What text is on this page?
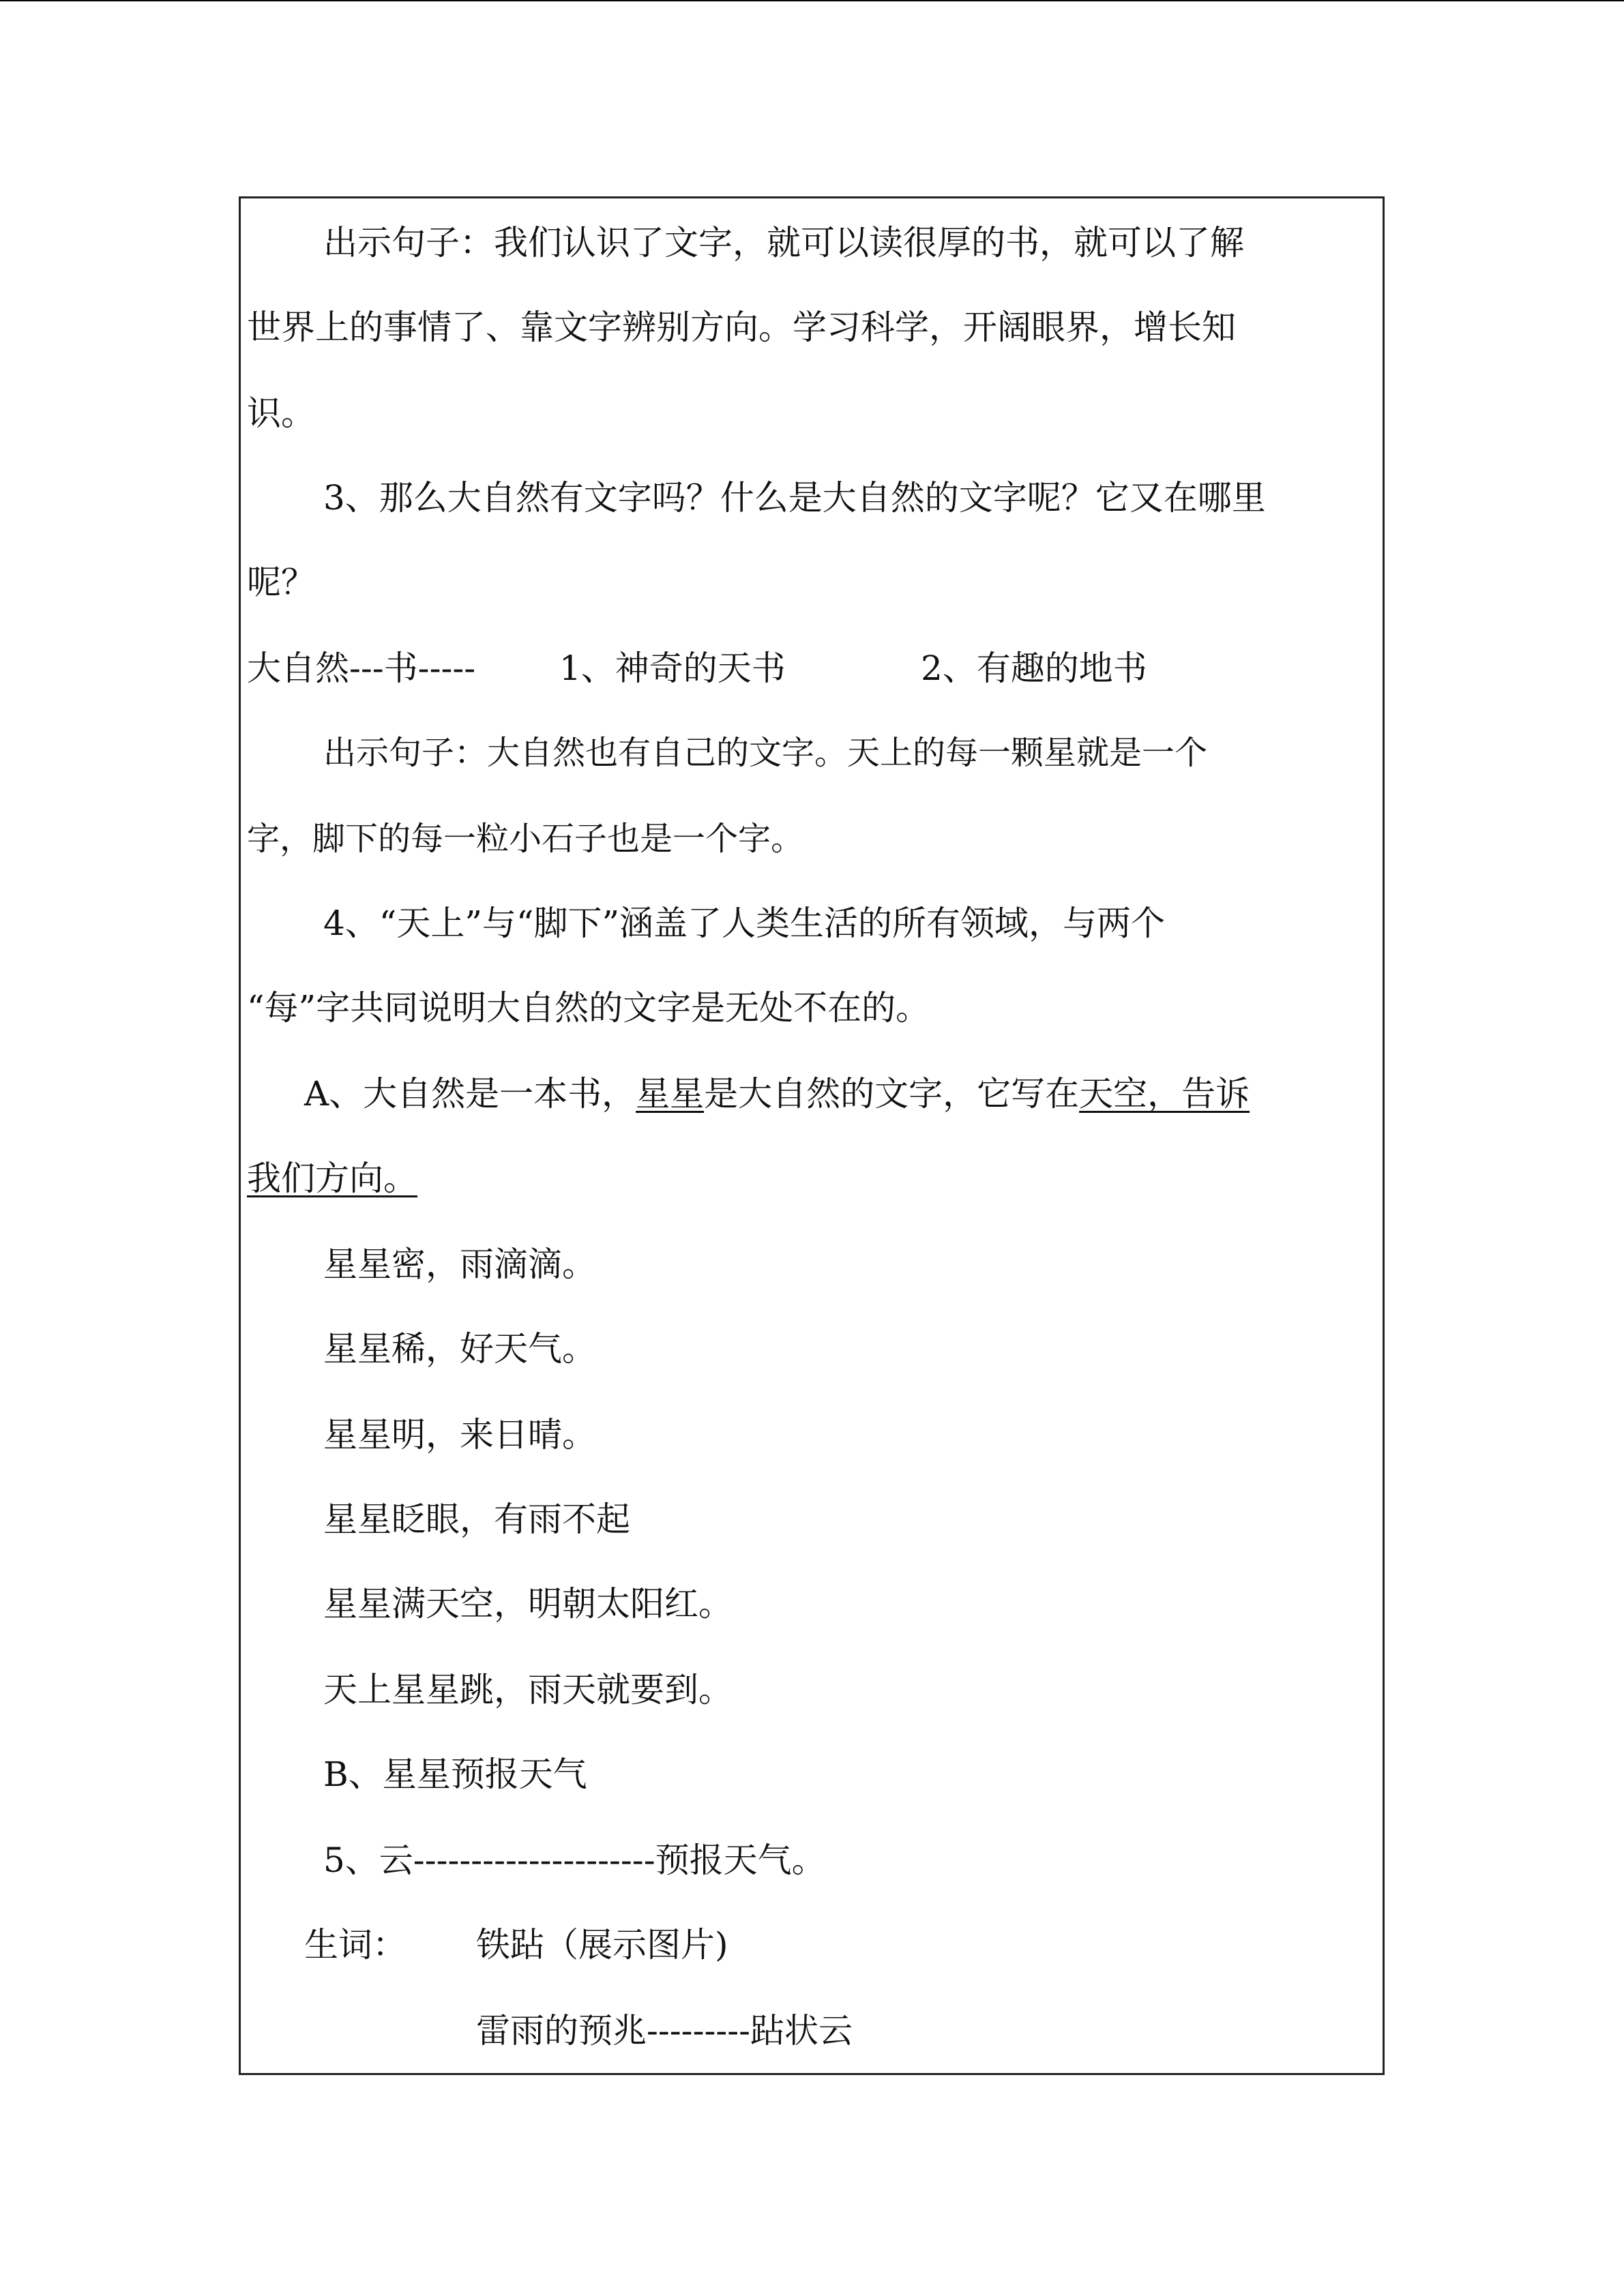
出示句子：我们认识了文字，就可以读很厚的书，就可以了解
世界上的事情了、靠文字辨别方向。学习科学，开阔眼界，增长知
识。
3、那么大自然有文字吗？什么是大自然的文字呢？它又在哪里
呢？
大自然---书----- 1、神奇的天书	2、有趣的地书
出示句子：大自然也有自己的文字。天上的每一颗星就是一个
字，脚下的每一粒小石子也是一个字。
4、“天上”与“脚下”涵盖了人类生活的所有领域，与两个
“每”字共同说明大自然的文字是无处不在的。
A、大自然是一本书，星星是大自然的文字，它写在天空，告诉
我们方向。
星星密，雨滴滴。
星星稀，好天气。
星星明，来日晴。
星星眨眼，有雨不起
星星满天空，明朝太阳红。
天上星星跳，雨天就要到。
B、星星预报天气
5、云---------------------预报天气。
生词： 铁跕（展示图片)
雷雨的预兆---------跕状云
